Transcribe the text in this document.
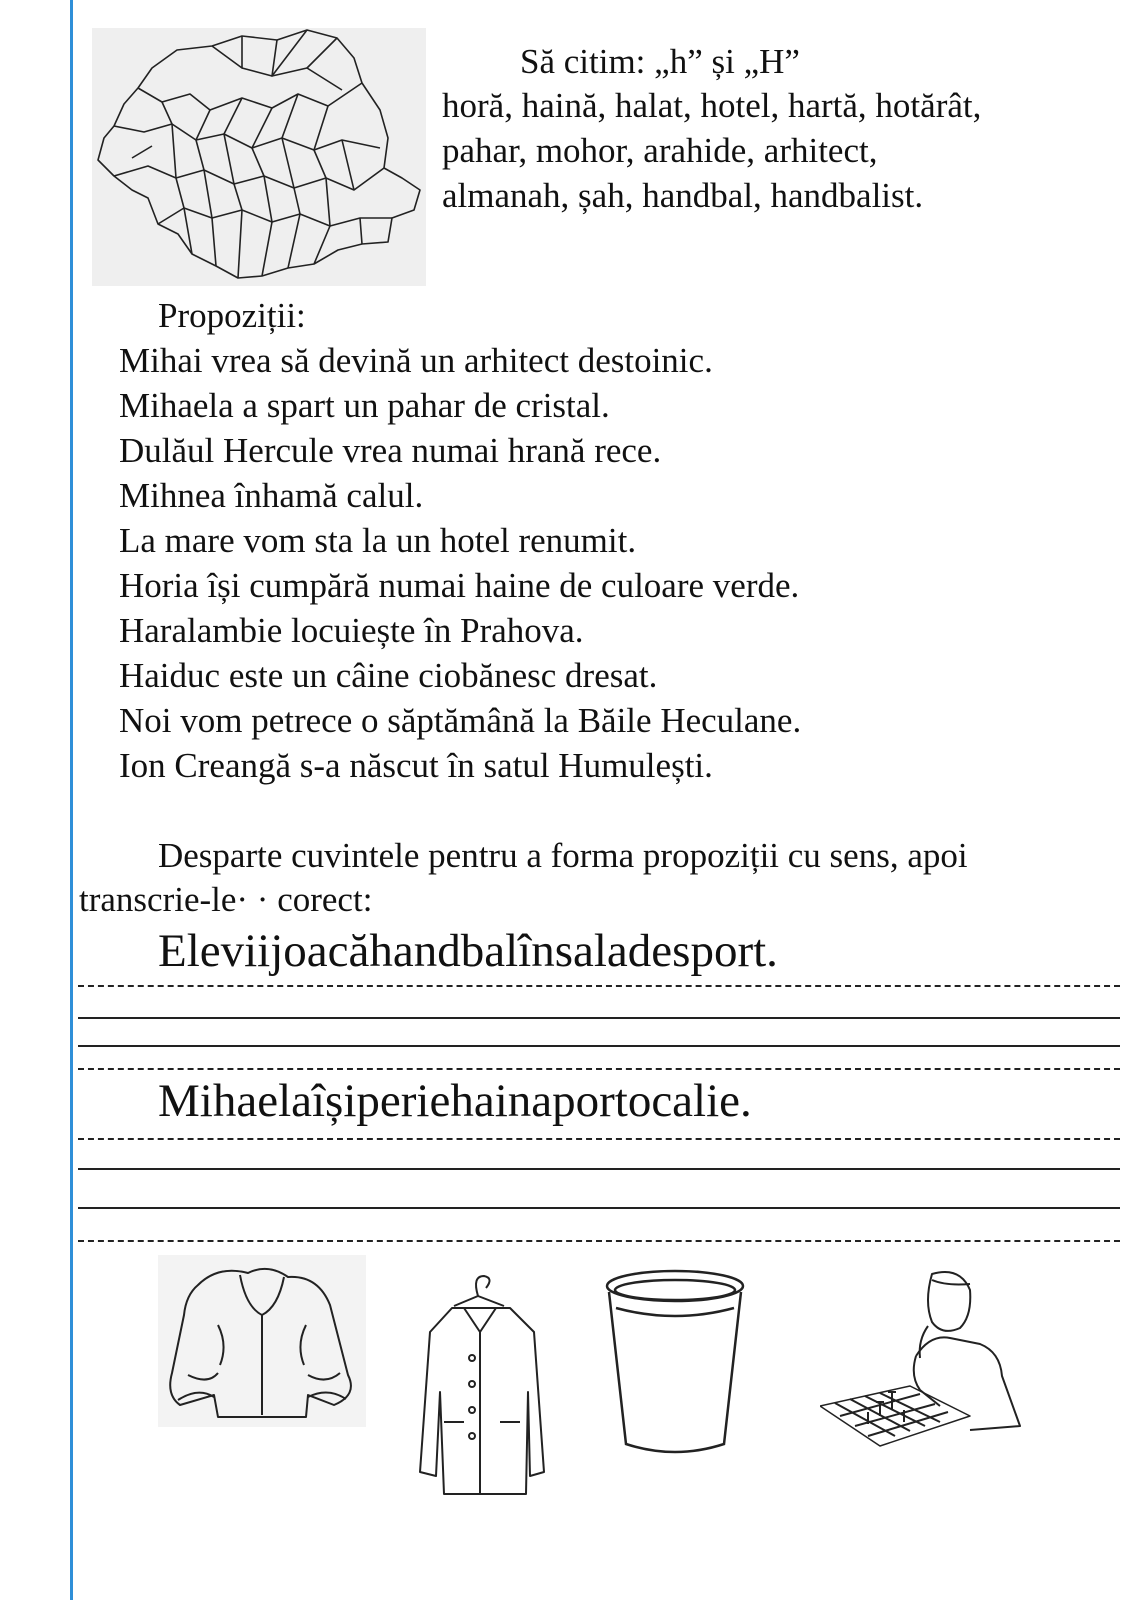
Să citim: „h” și „H”
horă, haină, halat, hotel, hartă, hotărât,
pahar, mohor, arahide, arhitect,
almanah, șah, handbal, handbalist.
Propoziții:
Mihai vrea să devină un arhitect destoinic.
Mihaela a spart un pahar de cristal.
Dulăul Hercule vrea numai hrană rece.
Mihnea înhamă calul.
La mare vom sta la un hotel renumit.
Horia își cumpără numai haine de culoare verde.
Haralambie locuiește în Prahova.
Haiduc este un câine ciobănesc dresat.
Noi vom petrece o săptămână la Băile Heculane.
Ion Creangă s-a născut în satul Humulești.
Desparte cuvintele pentru a forma propoziții cu sens, apoi
transcrie-le· · corect:
Eleviijoacăhandbalînsaladesport.
Mihaelaîșiperiehainaportocalie.
